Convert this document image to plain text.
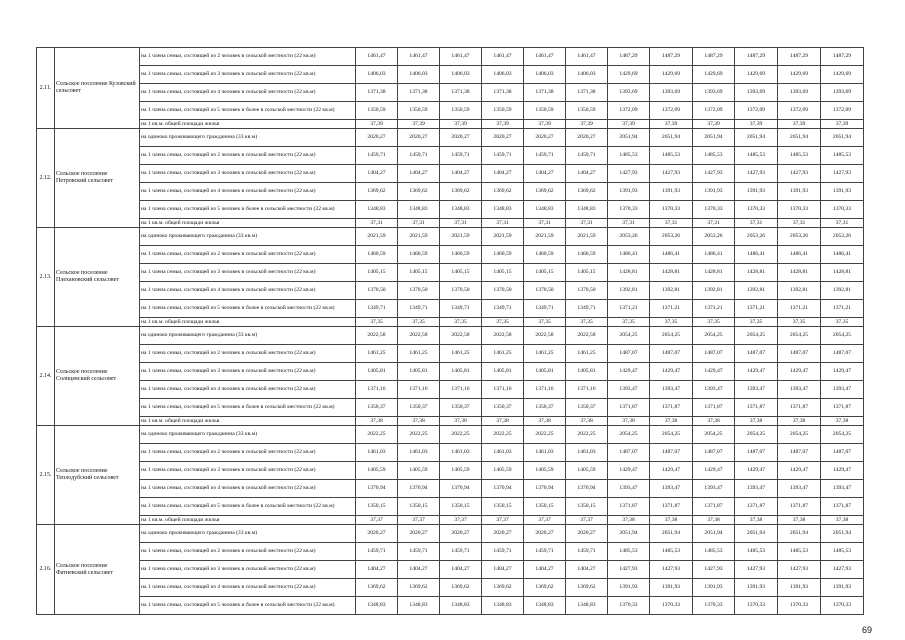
2.11.	Сельское поселение Кузовский сельсовет	на 1 члена семьи, состоящей из 2 человек в сельской местности (22 кв.м)	1461,47	1461,47	1461,47	1461,47	1461,47	1461,47	1487,29	1487,29	1487,29	1487,29	1487,29	1487,29
		на 1 члена семьи, состоящей из 3 человек в сельской местности (22 кв.м)	1406,03	1406,03	1406,03	1406,03	1406,03	1406,03	1429,69	1429,69	1429,69	1429,69	1429,69	1429,69
		на 1 члена семьи, состоящей из 4 человек в сельской местности (22 кв.м)	1371,38	1371,38	1371,38	1371,38	1371,38	1371,38	1393,69	1393,69	1393,69	1393,69	1393,69	1393,69
		на 1 члена семьи, состоящей из 5 человек и более в сельской местности (22 кв.м)	1350,59	1350,59	1350,59	1350,59	1350,59	1350,59	1372,09	1372,09	1372,09	1372,09	1372,09	1372,09
		на 1 кв.м. общей площади жилья	37,39	37,39	37,39	37,39	37,39	37,39	37,39	37,39	37,39	37,39	37,39	37,39
2.12.	Сельское поселение Петровский сельсовет	на одиноко проживающего гражданина (33 кв.м)	2020,27	2020,27	2020,27	2020,27	2020,27	2020,27	2051,94	2051,94	2051,94	2051,94	2051,94	2051,94
		на 1 члена семьи, состоящей из 2 человек в сельской местности (22 кв.м)	1459,71	1459,71	1459,71	1459,71	1459,71	1459,71	1485,53	1485,53	1485,53	1485,53	1485,53	1485,53
		на 1 члена семьи, состоящей из 3 человек в сельской местности (22 кв.м)	1404,27	1404,27	1404,27	1404,27	1404,27	1404,27	1427,93	1427,93	1427,93	1427,93	1427,93	1427,93
		на 1 члена семьи, состоящей из 4 человек в сельской местности (22 кв.м)	1369,62	1369,62	1369,62	1369,62	1369,62	1369,62	1391,93	1391,93	1391,93	1391,93	1391,93	1391,93
		на 1 члена семьи, состоящей из 5 человек и более в сельской местности (22 кв.м)	1348,83	1348,83	1348,83	1348,83	1348,83	1348,83	1370,33	1370,33	1370,33	1370,33	1370,33	1370,33
		на 1 кв.м. общей площади жилья	37,31	37,31	37,31	37,31	37,31	37,31	37,31	37,31	37,31	37,31	37,31	37,31
2.13.	Сельское поселение Плехановский сельсовет	на одиноко проживающего гражданина (33 кв.м)	2021,59	2021,59	2021,59	2021,59	2021,59	2021,59	2053,26	2053,26	2053,26	2053,26	2053,26	2053,26
		на 1 члена семьи, состоящей из 2 человек в сельской местности (22 кв.м)	1460,59	1460,59	1460,59	1460,59	1460,59	1460,59	1486,41	1486,41	1486,41	1486,41	1486,41	1486,41
		на 1 члена семьи, состоящей из 3 человек в сельской местности (22 кв.м)	1405,15	1405,15	1405,15	1405,15	1405,15	1405,15	1428,81	1428,81	1428,81	1428,81	1428,81	1428,81
		на 1 члена семьи, состоящей из 4 человек в сельской местности (22 кв.м)	1370,50	1370,50	1370,50	1370,50	1370,50	1370,50	1392,81	1392,81	1392,81	1392,81	1392,81	1392,81
		на 1 члена семьи, состоящей из 5 человек и более в сельской местности (22 кв.м)	1349,71	1349,71	1349,71	1349,71	1349,71	1349,71	1371,21	1371,21	1371,21	1371,21	1371,21	1371,21
		на 1 кв.м. общей площади жилья	37,35	37,35	37,35	37,35	37,35	37,35	37,35	37,35	37,35	37,35	37,35	37,35
2.14.	Сельское поселение Солнцевский сельсовет	на одиноко проживающего гражданина (33 кв.м)	2022,58	2022,58	2022,58	2022,58	2022,58	2022,58	2054,25	2054,25	2054,25	2054,25	2054,25	2054,25
		на 1 члена семьи, состоящей из 2 человек в сельской местности (22 кв.м)	1461,25	1461,25	1461,25	1461,25	1461,25	1461,25	1487,07	1487,07	1487,07	1487,07	1487,07	1487,07
		на 1 члена семьи, состоящей из 3 человек в сельской местности (22 кв.м)	1405,81	1405,81	1405,81	1405,81	1405,81	1405,81	1429,47	1429,47	1429,47	1429,47	1429,47	1429,47
		на 1 члена семьи, состоящей из 4 человек в сельской местности (22 кв.м)	1371,16	1371,16	1371,16	1371,16	1371,16	1371,16	1393,47	1393,47	1393,47	1393,47	1393,47	1393,47
		на 1 члена семьи, состоящей из 5 человек и более в сельской местности (22 кв.м)	1350,37	1350,37	1350,37	1350,37	1350,37	1350,37	1371,87	1371,87	1371,87	1371,87	1371,87	1371,87
		на 1 кв.м. общей площади жилья	37,38	37,38	37,38	37,38	37,38	37,38	37,38	37,38	37,38	37,38	37,38	37,38
2.15.	Сельское поселение Теплодубский сельсовет	на одиноко проживающего гражданина (33 кв.м)	2022,25	2022,25	2022,25	2022,25	2022,25	2022,25	2054,25	2054,25	2054,25	2054,25	2054,25	2054,25
		на 1 члена семьи, состоящей из 2 человек в сельской местности (22 кв.м)	1461,03	1461,03	1461,03	1461,03	1461,03	1461,03	1487,07	1487,07	1487,07	1487,07	1487,07	1487,07
		на 1 члена семьи, состоящей из 3 человек в сельской местности (22 кв.м)	1405,59	1405,59	1405,59	1405,59	1405,59	1405,59	1429,47	1429,47	1429,47	1429,47	1429,47	1429,47
		на 1 члена семьи, состоящей из 4 человек в сельской местности (22 кв.м)	1370,94	1370,94	1370,94	1370,94	1370,94	1370,94	1393,47	1393,47	1393,47	1393,47	1393,47	1393,47
		на 1 члена семьи, состоящей из 5 человек и более в сельской местности (22 кв.м)	1350,15	1350,15	1350,15	1350,15	1350,15	1350,15	1371,87	1371,87	1371,87	1371,87	1371,87	1371,87
		на 1 кв.м. общей площади жилья	37,37	37,37	37,37	37,37	37,37	37,37	37,38	37,38	37,38	37,38	37,38	37,38
2.16.	Сельское поселение Фатневский сельсовет	на одиноко проживающего гражданина (33 кв.м)	2020,27	2020,27	2020,27	2020,27	2020,27	2020,27	2051,94	2051,94	2051,94	2051,94	2051,94	2051,94
		на 1 члена семьи, состоящей из 2 человек в сельской местности (22 кв.м)	1459,71	1459,71	1459,71	1459,71	1459,71	1459,71	1485,53	1485,53	1485,53	1485,53	1485,53	1485,53
		на 1 члена семьи, состоящей из 3 человек в сельской местности (22 кв.м)	1404,27	1404,27	1404,27	1404,27	1404,27	1404,27	1427,93	1427,93	1427,93	1427,93	1427,93	1427,93
		на 1 члена семьи, состоящей из 4 человек в сельской местности (22 кв.м)	1369,62	1369,62	1369,62	1369,62	1369,62	1369,62	1391,93	1391,93	1391,93	1391,93	1391,93	1391,93
		на 1 члена семьи, состоящей из 5 человек и более в сельской местности (22 кв.м)	1348,83	1348,83	1348,83	1348,83	1348,83	1348,83	1370,33	1370,33	1370,33	1370,33	1370,33	1370,33
69
